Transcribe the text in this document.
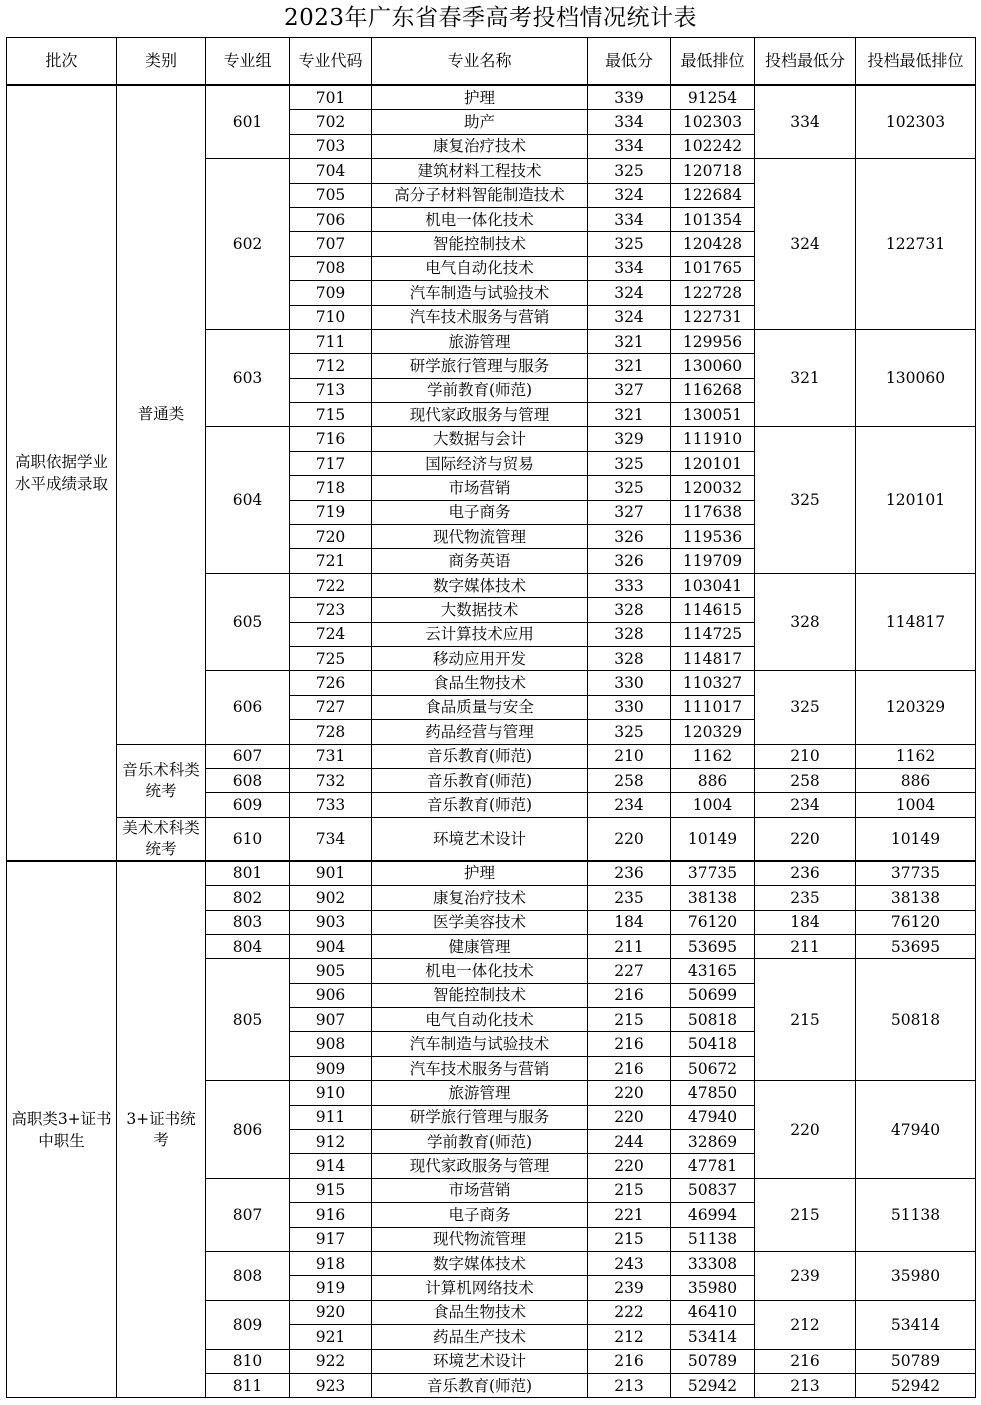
2023年广东省春季高考投档情况统计表
批次	类别	专业组	专业代码	专业名称	最低分	最低排位	投档最低分	投档最低排位
高职依据学业水平成绩录取	普通类	601	701	护理	339	91254	334	102303
			702	助产	334	102303		
			703	康复治疗技术	334	102242		
		602	704	建筑材料工程技术	325	120718	324	122731
			705	高分子材料智能制造技术	324	122684		
			706	机电一体化技术	334	101354		
			707	智能控制技术	325	120428		
			708	电气自动化技术	334	101765		
			709	汽车制造与试验技术	324	122728		
			710	汽车技术服务与营销	324	122731		
		603	711	旅游管理	321	129956	321	130060
			712	研学旅行管理与服务	321	130060		
			713	学前教育(师范)	327	116268		
			715	现代家政服务与管理	321	130051		
		604	716	大数据与会计	329	111910	325	120101
			717	国际经济与贸易	325	120101		
			718	市场营销	325	120032		
			719	电子商务	327	117638		
			720	现代物流管理	326	119536		
			721	商务英语	326	119709		
		605	722	数字媒体技术	333	103041	328	114817
			723	大数据技术	328	114615		
			724	云计算技术应用	328	114725		
			725	移动应用开发	328	114817		
		606	726	食品生物技术	330	110327	325	120329
			727	食品质量与安全	330	111017		
			728	药品经营与管理	325	120329		
	音乐术科类统考	607	731	音乐教育(师范)	210	1162	210	1162
		608	732	音乐教育(师范)	258	886	258	886
		609	733	音乐教育(师范)	234	1004	234	1004
	美术术科类统考	610	734	环境艺术设计	220	10149	220	10149
高职类3+证书中职生	3+证书统考	801	901	护理	236	37735	236	37735
		802	902	康复治疗技术	235	38138	235	38138
		803	903	医学美容技术	184	76120	184	76120
		804	904	健康管理	211	53695	211	53695
		805	905	机电一体化技术	227	43165	215	50818
			906	智能控制技术	216	50699		
			907	电气自动化技术	215	50818		
			908	汽车制造与试验技术	216	50418		
			909	汽车技术服务与营销	216	50672		
		806	910	旅游管理	220	47850	220	47940
			911	研学旅行管理与服务	220	47940		
			912	学前教育(师范)	244	32869		
			914	现代家政服务与管理	220	47781		
		807	915	市场营销	215	50837	215	51138
			916	电子商务	221	46994		
			917	现代物流管理	215	51138		
		808	918	数字媒体技术	243	33308	239	35980
			919	计算机网络技术	239	35980		
		809	920	食品生物技术	222	46410	212	53414
			921	药品生产技术	212	53414		
		810	922	环境艺术设计	216	50789	216	50789
		811	923	音乐教育(师范)	213	52942	213	52942
